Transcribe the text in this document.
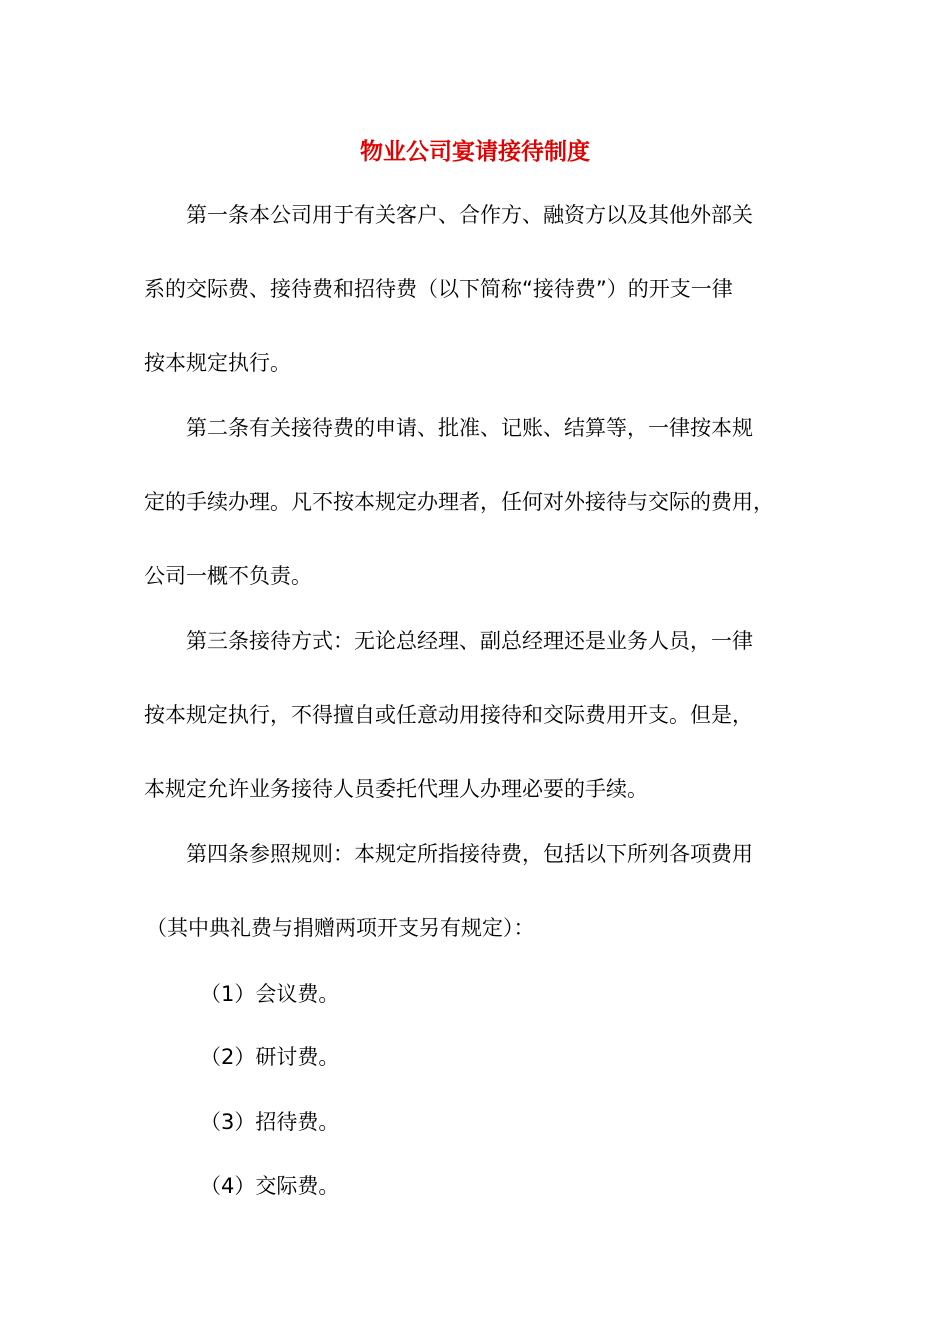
物业公司宴请接待制度
第一条本公司用于有关客户、合作方、融资方以及其他外部关
系的交际费、接待费和招待费（以下简称“接待费”）的开支一律
按本规定执行。
第二条有关接待费的申请、批准、记账、结算等，一律按本规
定的手续办理。凡不按本规定办理者，任何对外接待与交际的费用，
公司一概不负责。
第三条接待方式：无论总经理、副总经理还是业务人员，一律
按本规定执行，不得擅自或任意动用接待和交际费用开支。但是，
本规定允许业务接待人员委托代理人办理必要的手续。
第四条参照规则：本规定所指接待费，包括以下所列各项费用
（其中典礼费与捐赠两项开支另有规定）：
（1）会议费。
（2）研讨费。
（3）招待费。
（4）交际费。
